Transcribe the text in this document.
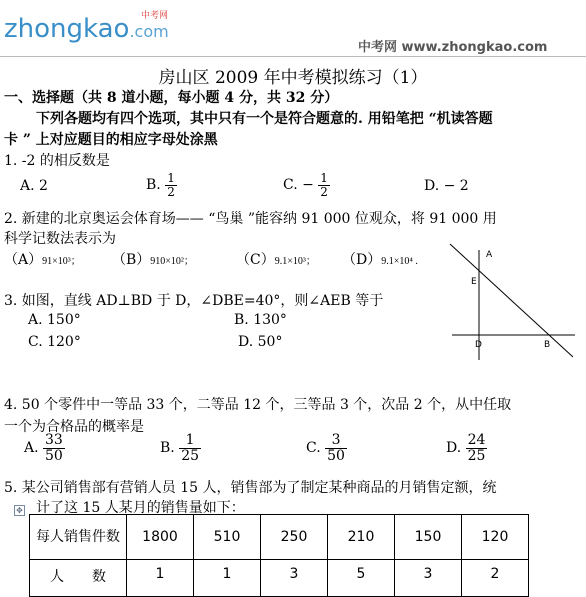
zhongkao.com
中考网
中考网 www.zhongkao.com
房山区 2009 年中考模拟练习（1）
一、选择题（共 8 道小题，每小题 4 分，共 32 分）
下列各题均有四个选项，其中只有一个是符合题意的. 用铅笔把 “机读答题
卡 ” 上对应题目的相应字母处涂黑
1. -2 的相反数是
A. 2	B. $\frac{1}{2}$	C. − $\frac{1}{2}$	D. − 2
2. 新建的北京奥运会体育场—— “鸟巢 ”能容纳 91 000 位观众，将 91 000 用
科学记数法表示为
（A）91×10³； （B）910×10²；	（C）9.1×10³； （D）9.1×10⁴ .
3. 如图，直线 AD⊥BD 于 D，∠DBE=40°，则∠AEB 等于
A. 150°	B. 130°
C. 120°	D. 50°
A
E
D	B
4. 50 个零件中一等品 33 个，二等品 12 个，三等品 3 个，次品 2 个，从中任取
一个为合格品的概率是
A. $\frac{33}{50}$	B. $\frac{1}{25}$	C. $\frac{3}{50}$	D. $\frac{24}{25}$
5. 某公司销售部有营销人员 15 人，销售部为了制定某种商品的月销售定额，统
计了这 15 人某月的销售量如下：
✥
每人销售件数	1800	510	250	210	150	120
人　　数	1	1	3	5	3	2
